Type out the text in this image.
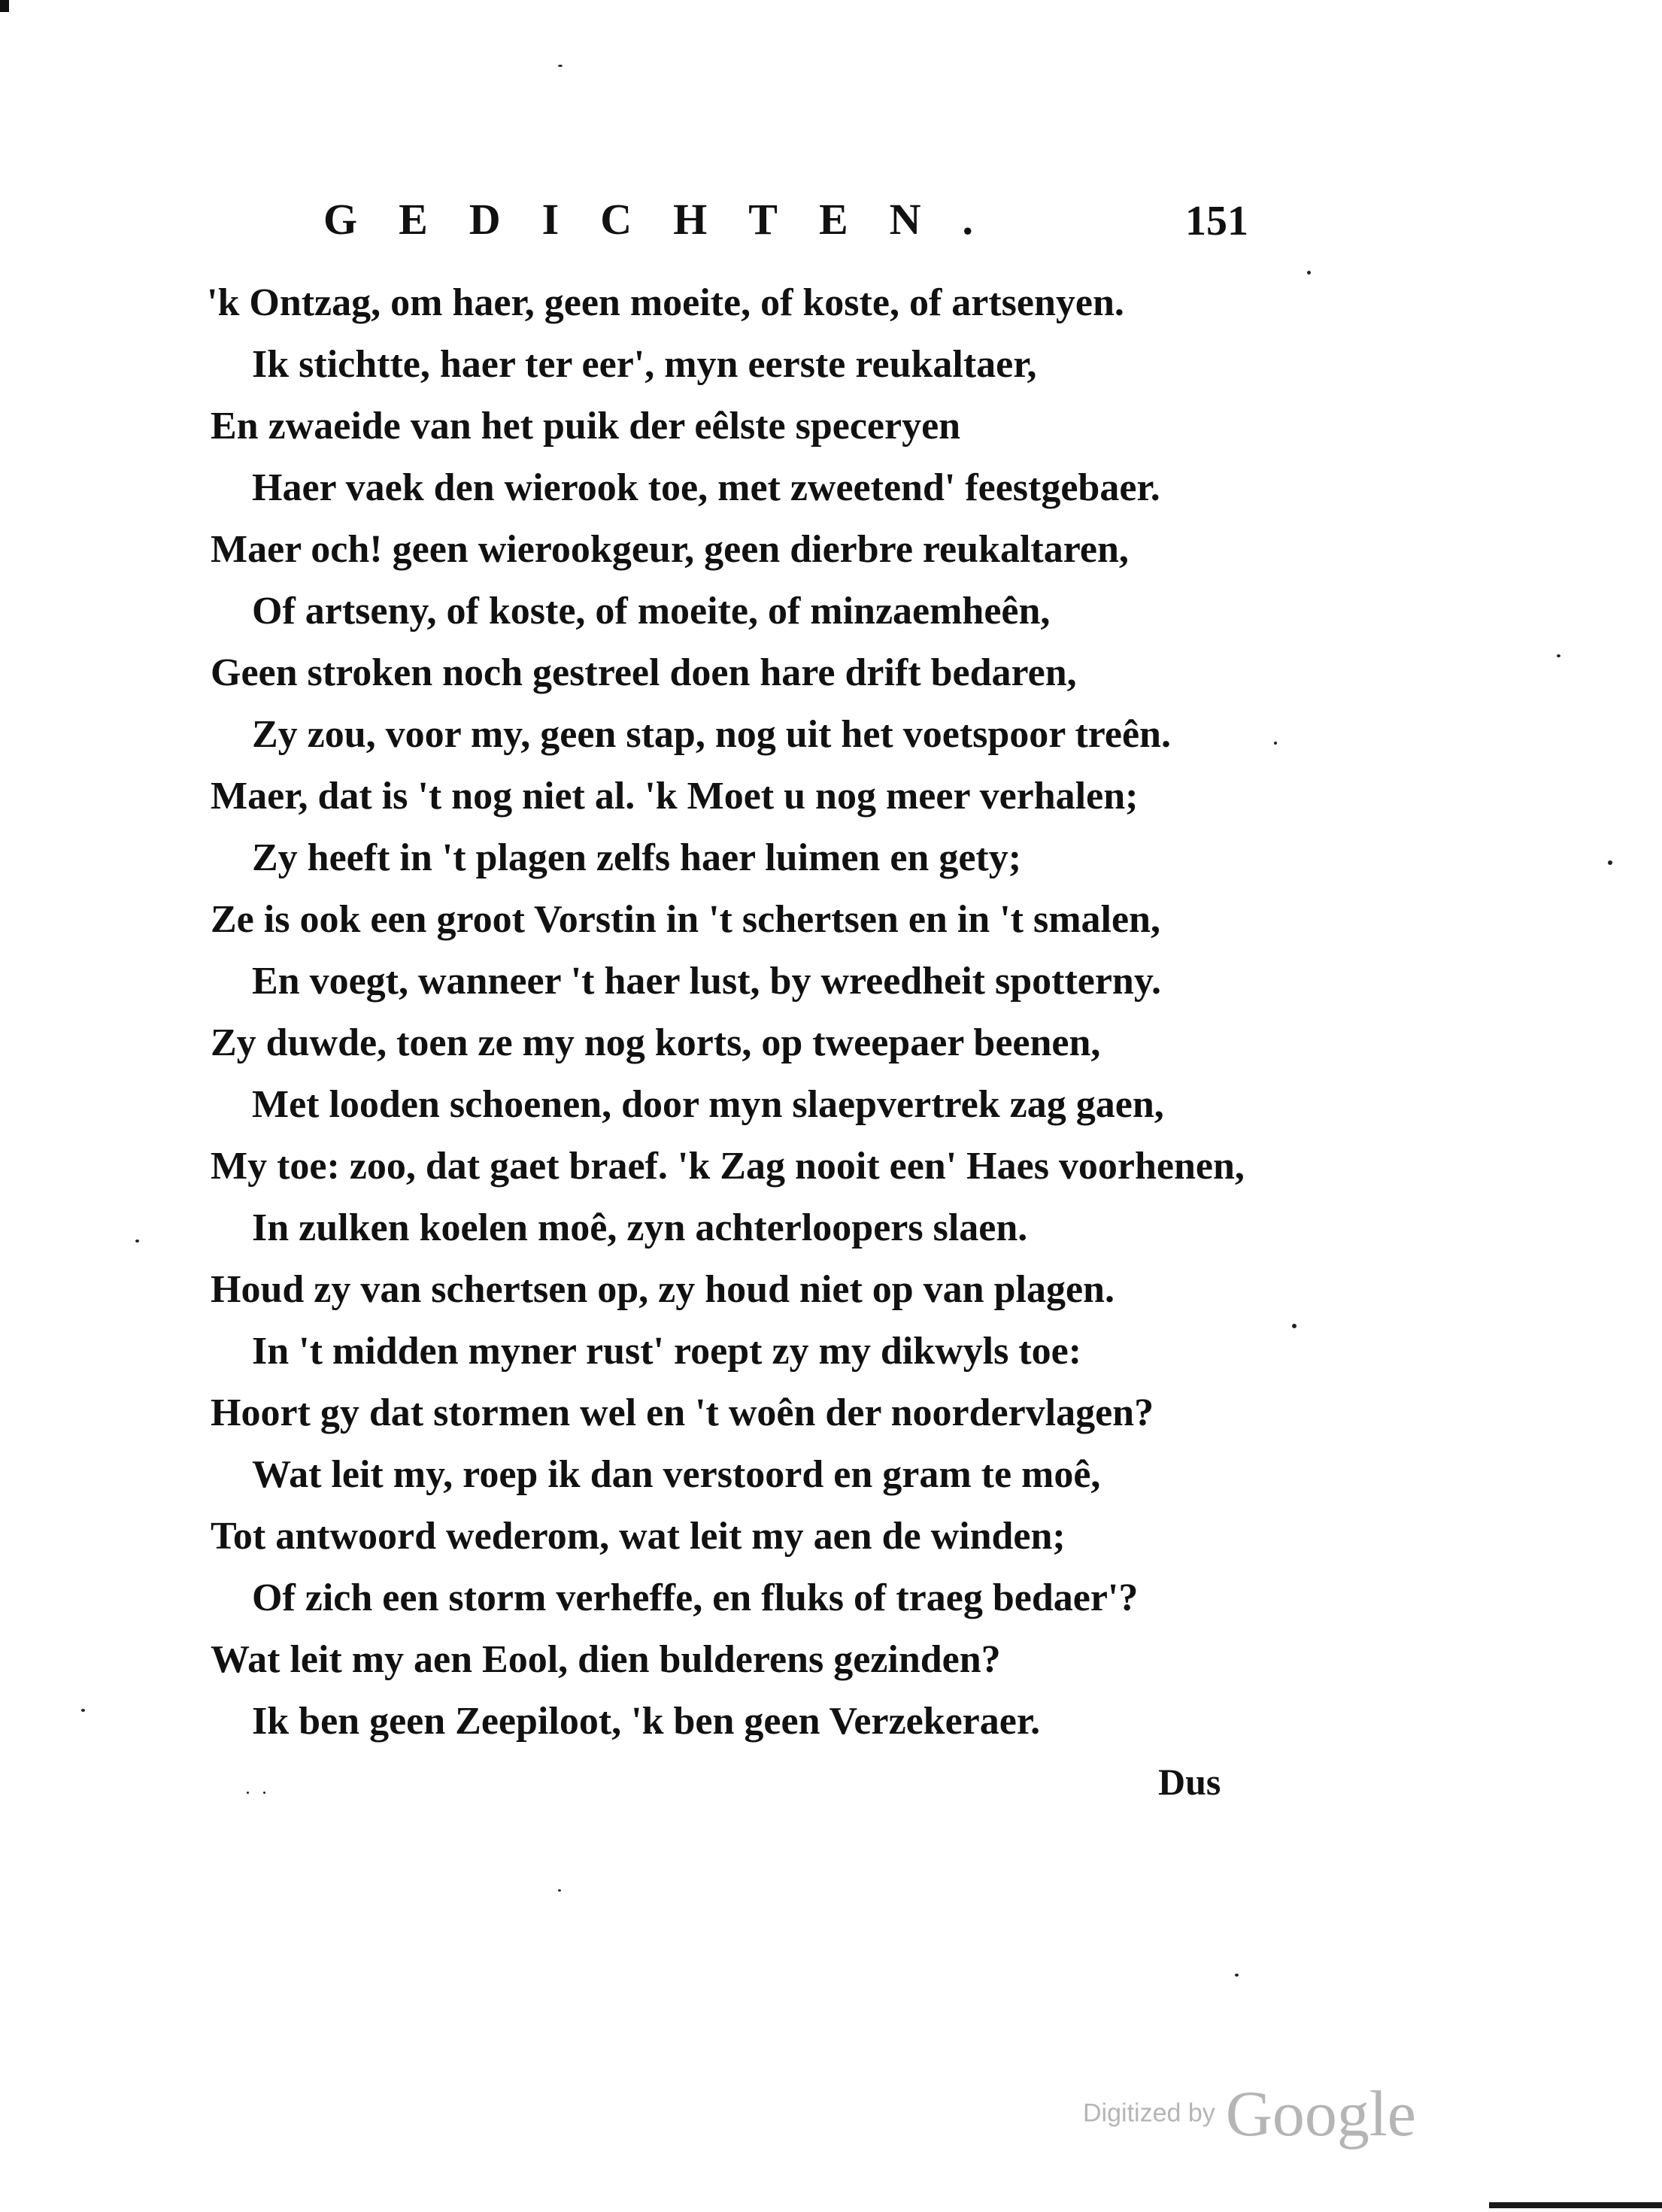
GEDICHTEN.	151
'k Ontzag, om haer, geen moeite, of koste, of artsenyen.
Ik stichtte, haer ter eer', myn eerste reukaltaer,
En zwaeide van het puik der eêlste speceryen
Haer vaek den wierook toe, met zweetend' feestgebaer.
Maer och! geen wierookgeur, geen dierbre reukaltaren,
Of artseny, of koste, of moeite, of minzaemheên,
Geen stroken noch gestreel doen hare drift bedaren,
Zy zou, voor my, geen stap, nog uit het voetspoor treên.
Maer, dat is 't nog niet al. 'k Moet u nog meer verhalen;
Zy heeft in 't plagen zelfs haer luimen en gety;
Ze is ook een groot Vorstin in 't schertsen en in 't smalen,
En voegt, wanneer 't haer lust, by wreedheit spotterny.
Zy duwde, toen ze my nog korts, op tweepaer beenen,
Met looden schoenen, door myn slaepvertrek zag gaen,
My toe: zoo, dat gaet braef. 'k Zag nooit een' Haes voorhenen,
In zulken koelen moê, zyn achterloopers slaen.
Houd zy van schertsen op, zy houd niet op van plagen.
In 't midden myner rust' roept zy my dikwyls toe:
Hoort gy dat stormen wel en 't woên der noordervlagen?
Wat leit my, roep ik dan verstoord en gram te moê,
Tot antwoord wederom, wat leit my aen de winden;
Of zich een storm verheffe, en fluks of traeg bedaer'?
Wat leit my aen Eool, dien bulderens gezinden?
Ik ben geen Zeepiloot, 'k ben geen Verzekeraer.
Dus
Digitized by Google
